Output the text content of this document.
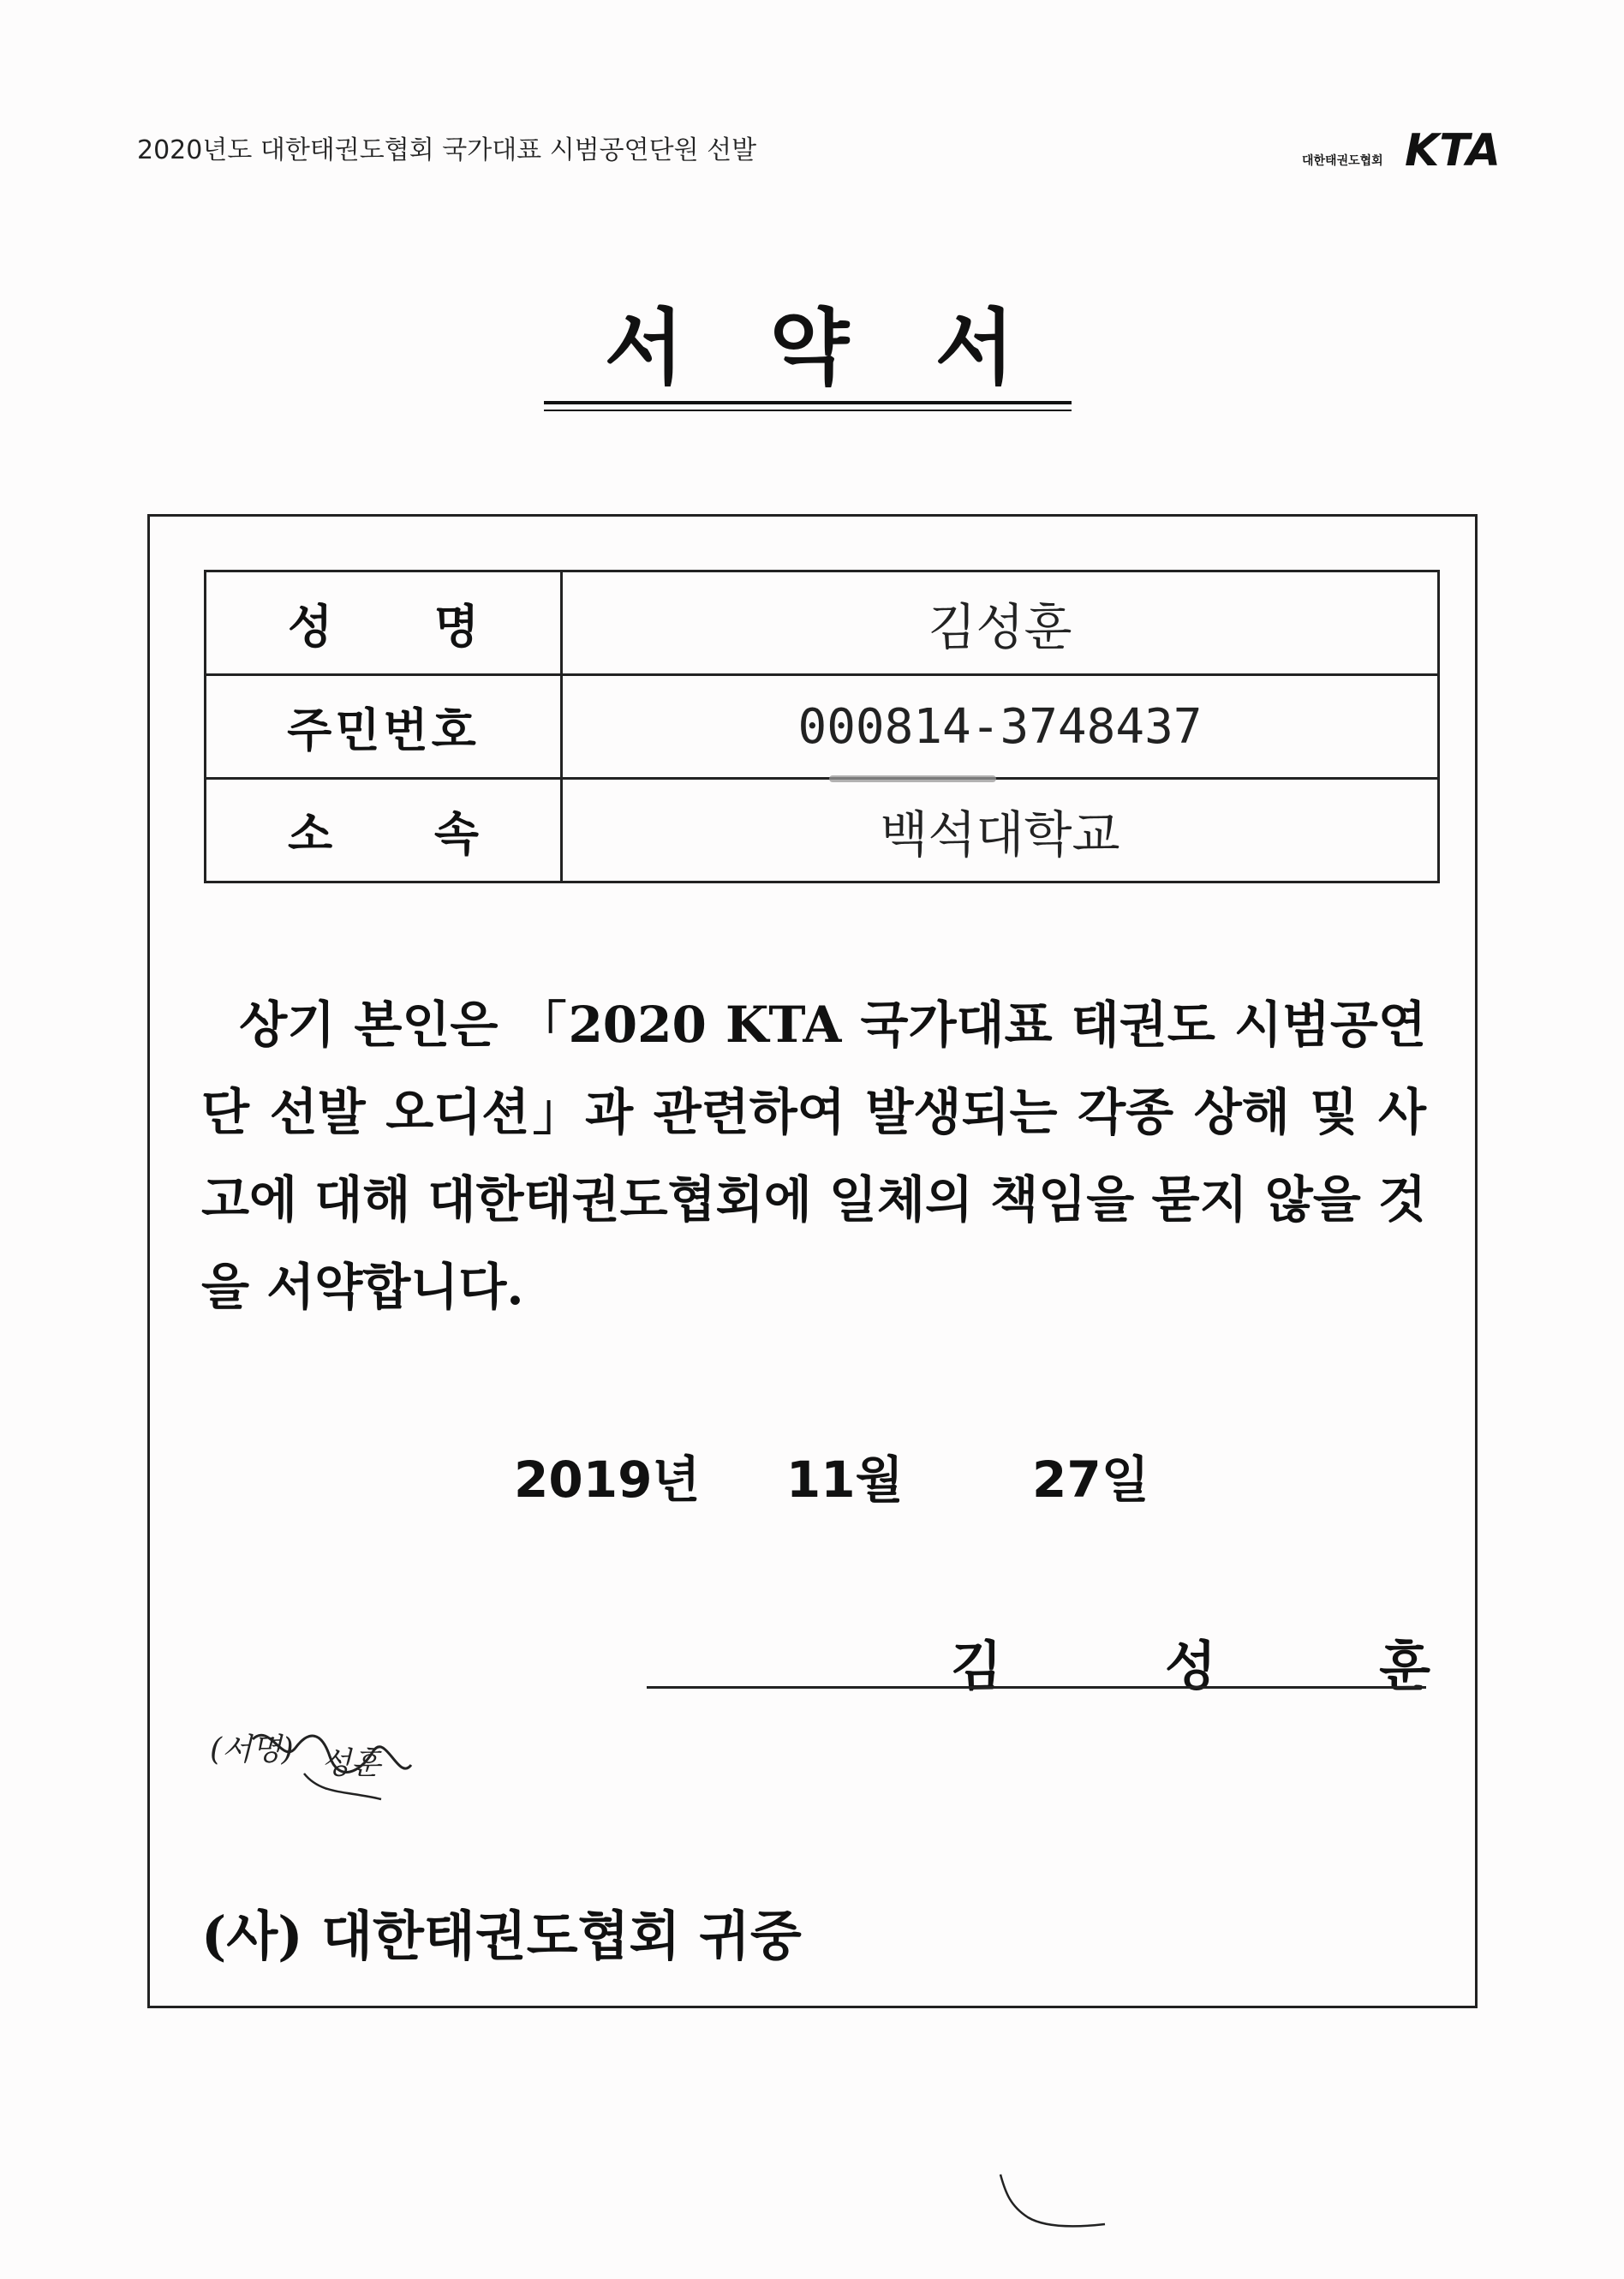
2020년도 대한태권도협회 국가대표 시범공연단원 선발	대한태권도협회 KTA
서   약   서
성 명	김성훈
주민번호	000814-3748437
소 속	백석대학교
상기 본인은 「2020 KTA 국가대표 태권도 시범공연단 선발 오디션」과 관련하여 발생되는 각종 상해 및 사고에 대해 대한태권도협회에 일체의 책임을 묻지 않을 것을 서약합니다.
2019년 11월	27일
김 성 훈
(서명) 성훈
(사) 대한태권도협회 귀중
